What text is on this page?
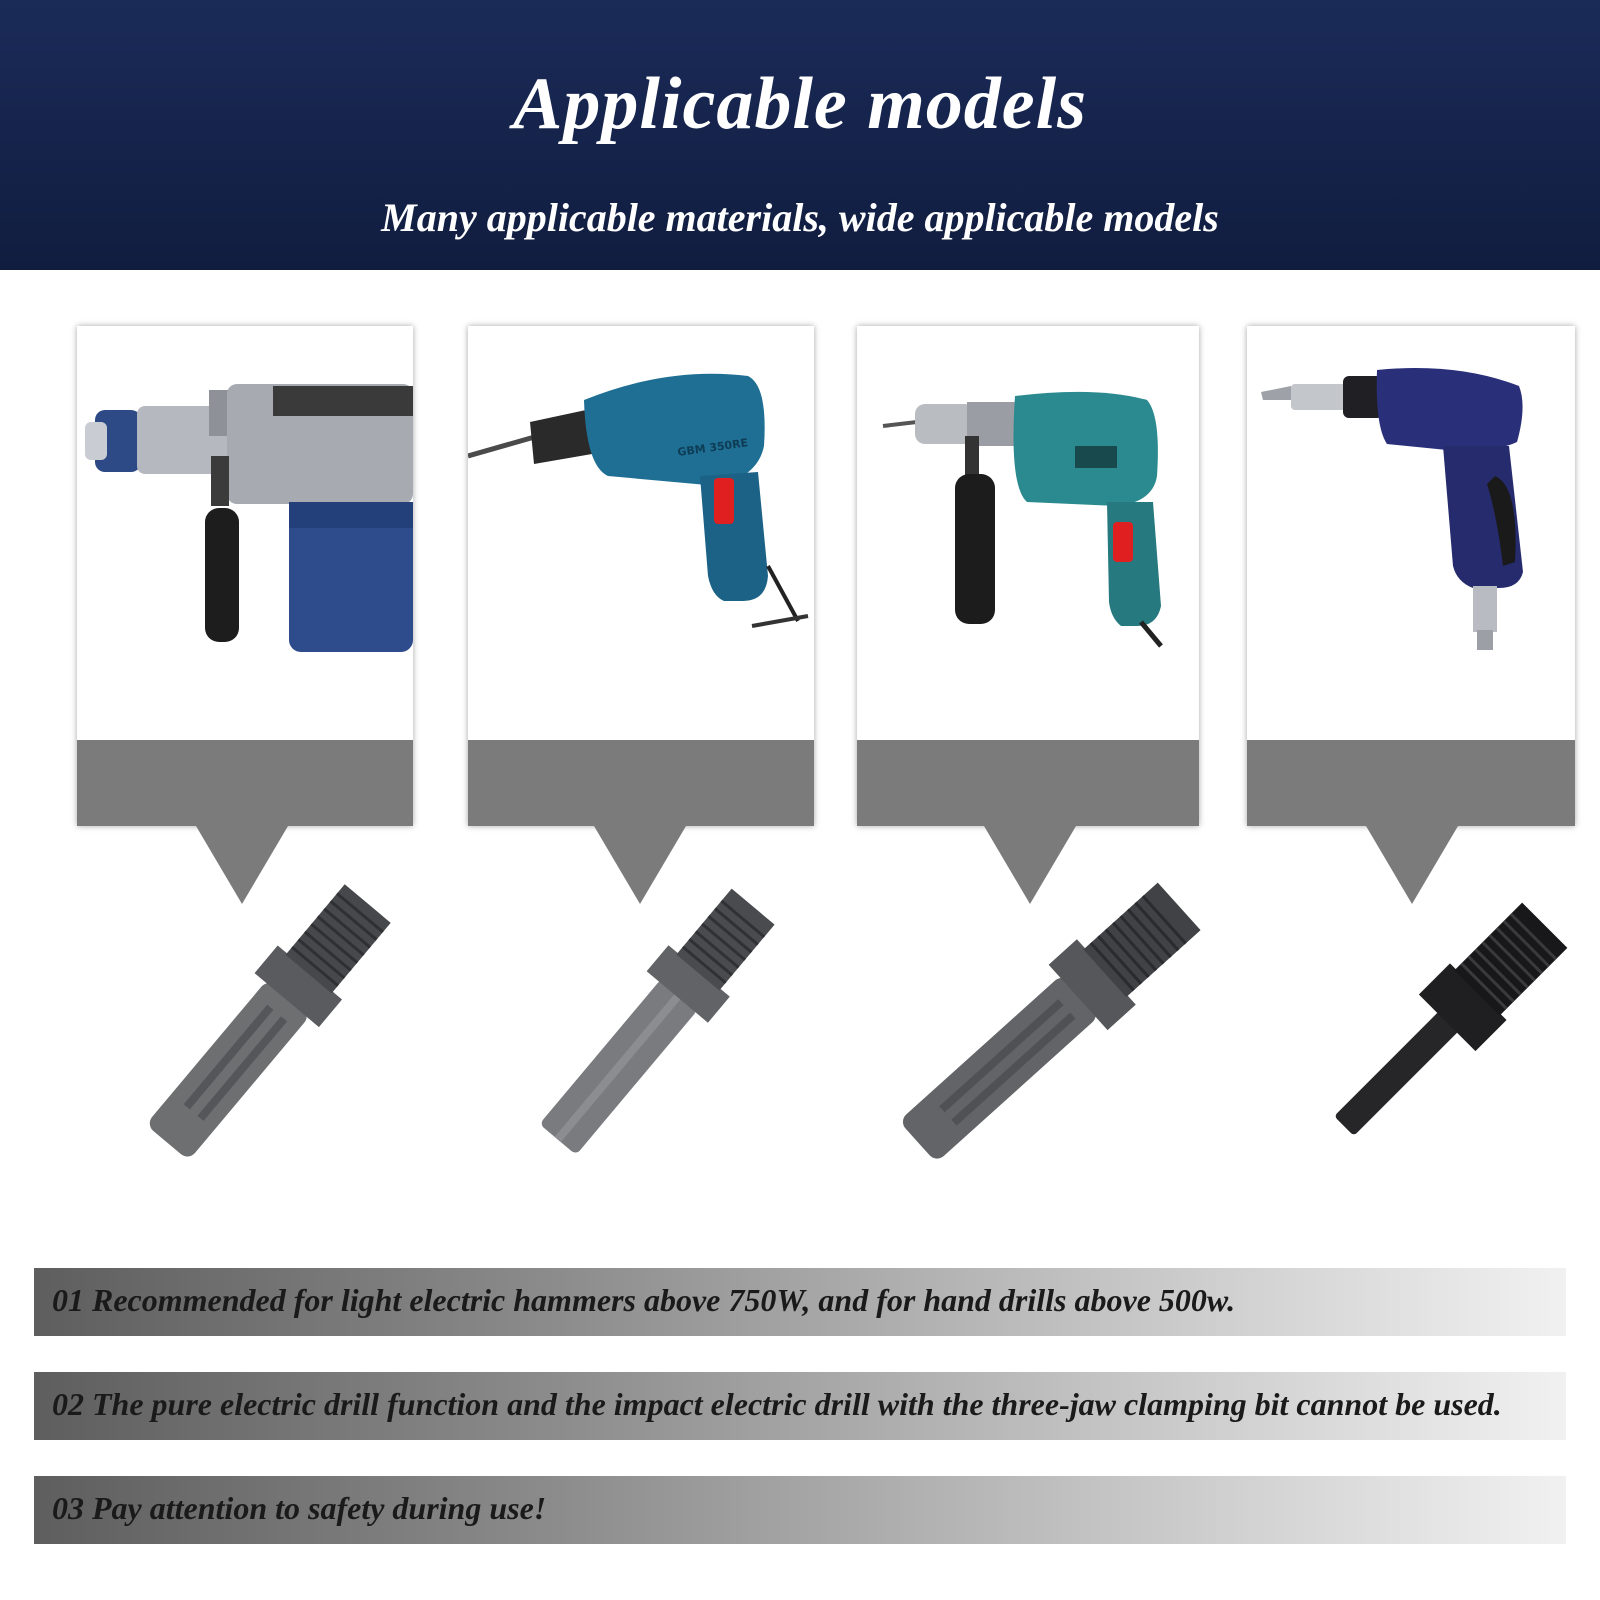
Applicable models
Many applicable materials, wide applicable models
GBM 350RE
01 Recommended for light electric hammers above 750W, and for hand drills above 500w.
02 The pure electric drill function and the impact electric drill with the three-jaw clamping bit cannot be used.
03 Pay attention to safety during use!
